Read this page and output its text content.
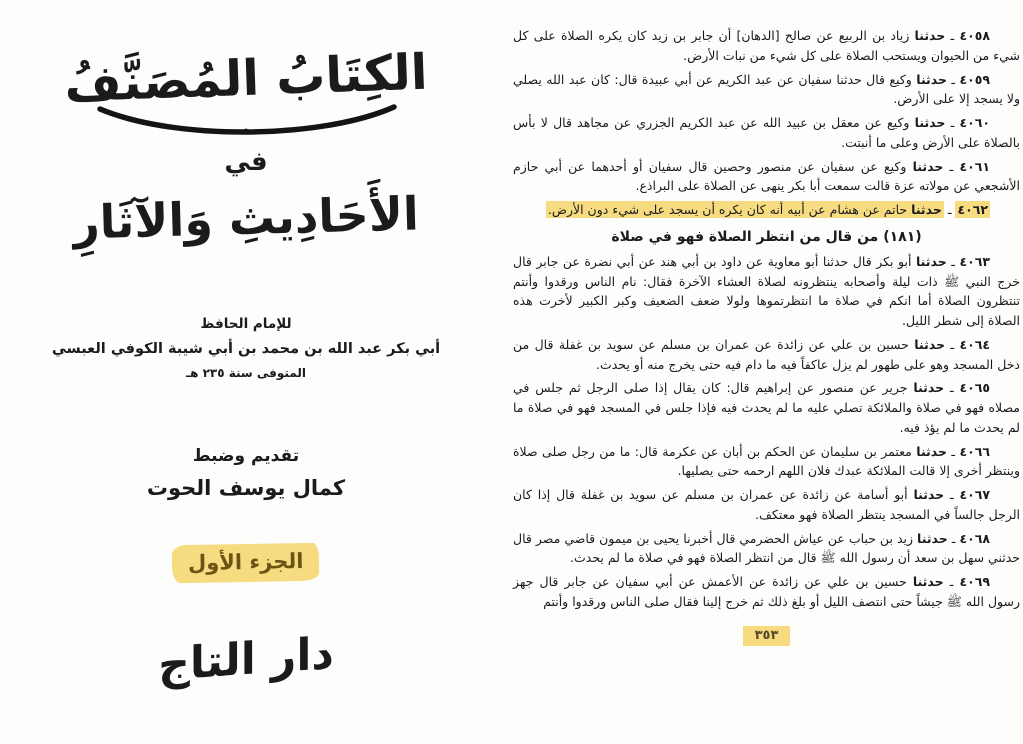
الكِتَابُ المُصَنَّفُ
في
الأَحَادِيثِ وَالآثَارِ
للإمام الحافظ
أبي بكر عبد الله بن محمد بن أبي شيبة الكوفي العبسي
المتوفى سنة ٢٣٥ هـ
تقديم وضبط
كمال يوسف الحوت
الجزء الأول
دار التاج

٤٠٥٨ ـ حدثنا زياد بن الربيع عن صالح [الدهان] أن جابر بن زيد كان يكره الصلاة على كل شيء من الحيوان ويستحب الصلاة على كل شيء من نبات الأرض.

٤٠٥٩ ـ حدثنا وكيع قال حدثنا سفيان عن عبد الكريم عن أبي عبيدة قال: كان عبد الله يصلي ولا يسجد إلا على الأرض.

٤٠٦٠ ـ حدثنا وكيع عن معقل بن عبيد الله عن عبد الكريم الجزري عن مجاهد قال لا بأس بالصلاة على الأرض وعلى ما أنبتت.

٤٠٦١ ـ حدثنا وكيع عن سفيان عن منصور وحصين قال سفيان أو أحدهما عن أبي حازم الأشجعي عن مولاته عزة قالت سمعت أبا بكر ينهى عن الصلاة على البراذع.

٤٠٦٢ ـ حدثنا حاتم عن هشام عن أبيه أنه كان يكره أن يسجد على شيء دون الأرض.

(١٨١) من قال من انتظر الصلاة فهو في صلاة

٤٠٦٣ ـ حدثنا أبو بكر قال حدثنا أبو معاوية عن داود بن أبي هند عن أبي نضرة عن جابر قال خرج النبي ﷺ ذات ليلة وأصحابه ينتظرونه لصلاة العشاء الآخرة فقال: نام الناس ورقدوا وأنتم تنتظرون الصلاة أما انكم في صلاة ما انتظرتموها ولولا ضعف الضعيف وكبر الكبير لأخرت هذه الصلاة إلى شطر الليل.

٤٠٦٤ ـ حدثنا حسين بن علي عن زائدة عن عمران بن مسلم عن سويد بن غفلة قال من دخل المسجد وهو على طهور لم يزل عاكفاً فيه ما دام فيه حتى يخرج منه أو يحدث.

٤٠٦٥ ـ حدثنا جرير عن منصور عن إبراهيم قال: كان يقال إذا صلى الرجل ثم جلس في مصلاه فهو في صلاة والملائكة تصلي عليه ما لم يحدث فيه فإذا جلس في المسجد فهو في صلاة ما لم يحدث ما لم يؤذ فيه.

٤٠٦٦ ـ حدثنا معتمر بن سليمان عن الحكم بن أبان عن عكرمة قال: ما من رجل صلى صلاة وينتظر أخرى إلا قالت الملائكة عبدك فلان اللهم ارحمه حتى يصليها.

٤٠٦٧ ـ حدثنا أبو أسامة عن زائدة عن عمران بن مسلم عن سويد بن غفلة قال إذا كان الرجل جالساً في المسجد ينتظر الصلاة فهو معتكف.

٤٠٦٨ ـ حدثنا زيد بن حباب عن عياش الحضرمي قال أخبرنا يحيى بن ميمون قاضي مصر قال حدثني سهل بن سعد أن رسول الله ﷺ قال من انتظر الصلاة فهو في صلاة ما لم يحدث.

٤٠٦٩ ـ حدثنا حسين بن علي عن زائدة عن الأعمش عن أبي سفيان عن جابر قال جهز رسول الله ﷺ جيشاً حتى انتصف الليل أو بلغ ذلك ثم خرج إلينا فقال صلى الناس ورقدوا وأنتم

٣٥٣
